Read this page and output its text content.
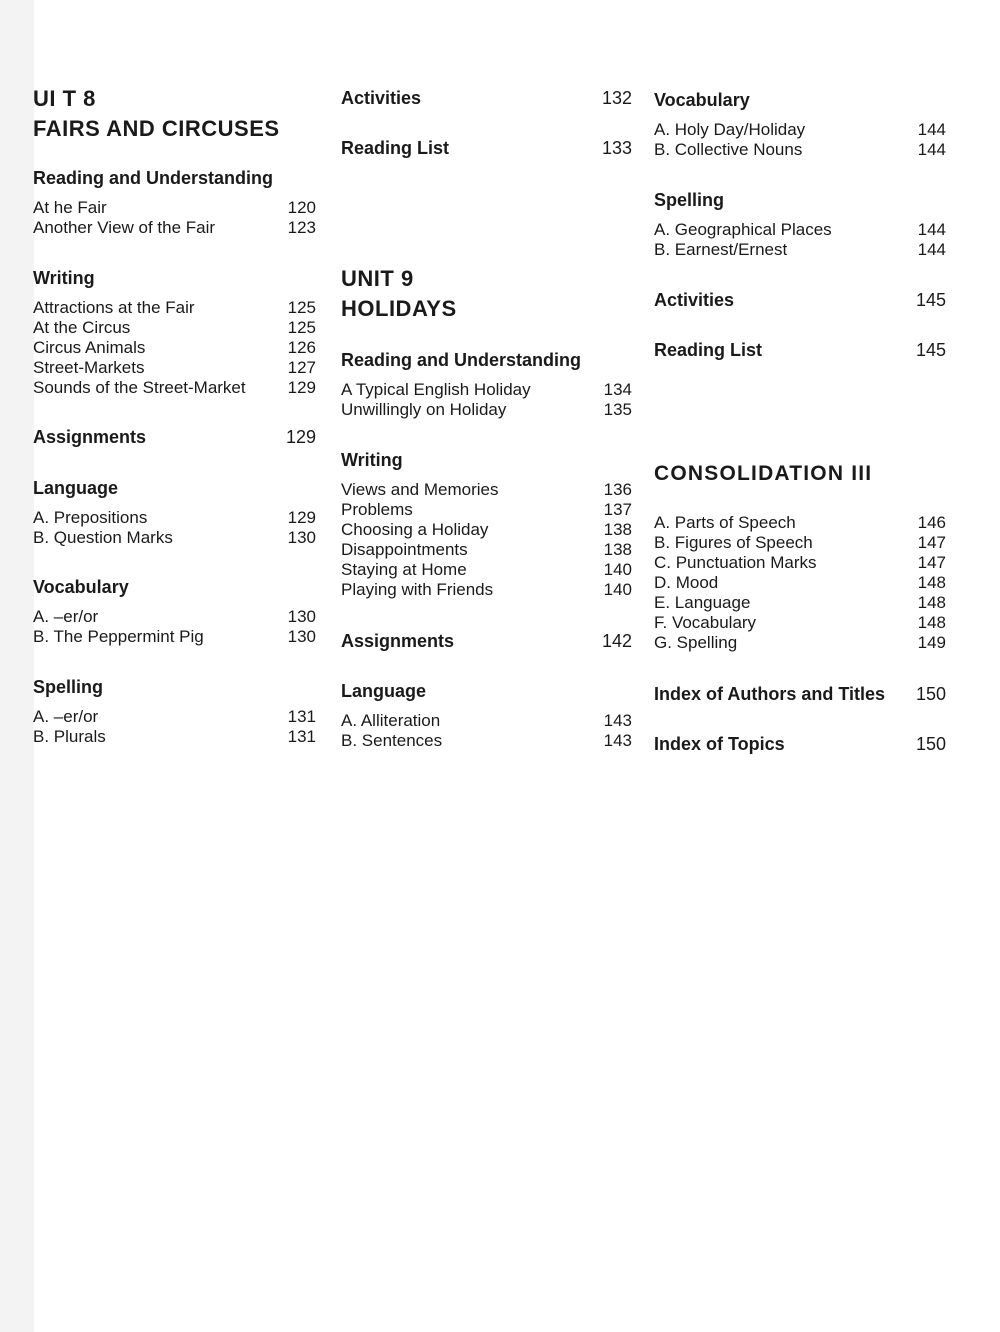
UI T 8
FAIRS AND CIRCUSES
Reading and Understanding
At he Fair	120
Another View of the Fair	123
Writing
Attractions at the Fair	125
At the Circus	125
Circus Animals	126
Street-Markets	127
Sounds of the Street-Market 129
Assignments	129
Language
A. Prepositions	129
B. Question Marks	130
Vocabulary
A. –er/or	130
B. The Peppermint Pig	130
Spelling
A. –er/or	131
B. Plurals	131
Activities	132
Reading List	133
UNIT 9
HOLIDAYS
Reading and Understanding
A Typical English Holiday	134
Unwillingly on Holiday	135
Writing
Views and Memories	136
Problems	137
Choosing a Holiday	138
Disappointments	138
Staying at Home	140
Playing with Friends	140
Assignments	142
Language
A. Alliteration	143
B. Sentences	143
Vocabulary
A. Holy Day/Holiday	144
B. Collective Nouns	144
Spelling
A. Geographical Places	144
B. Earnest/Ernest	144
Activities	145
Reading List	145
CONSOLIDATION III
A. Parts of Speech	146
B. Figures of Speech	147
C. Punctuation Marks	147
D. Mood	148
E. Language	148
F. Vocabulary	148
G. Spelling	149
Index of Authors and Titles 150
Index of Topics	150
